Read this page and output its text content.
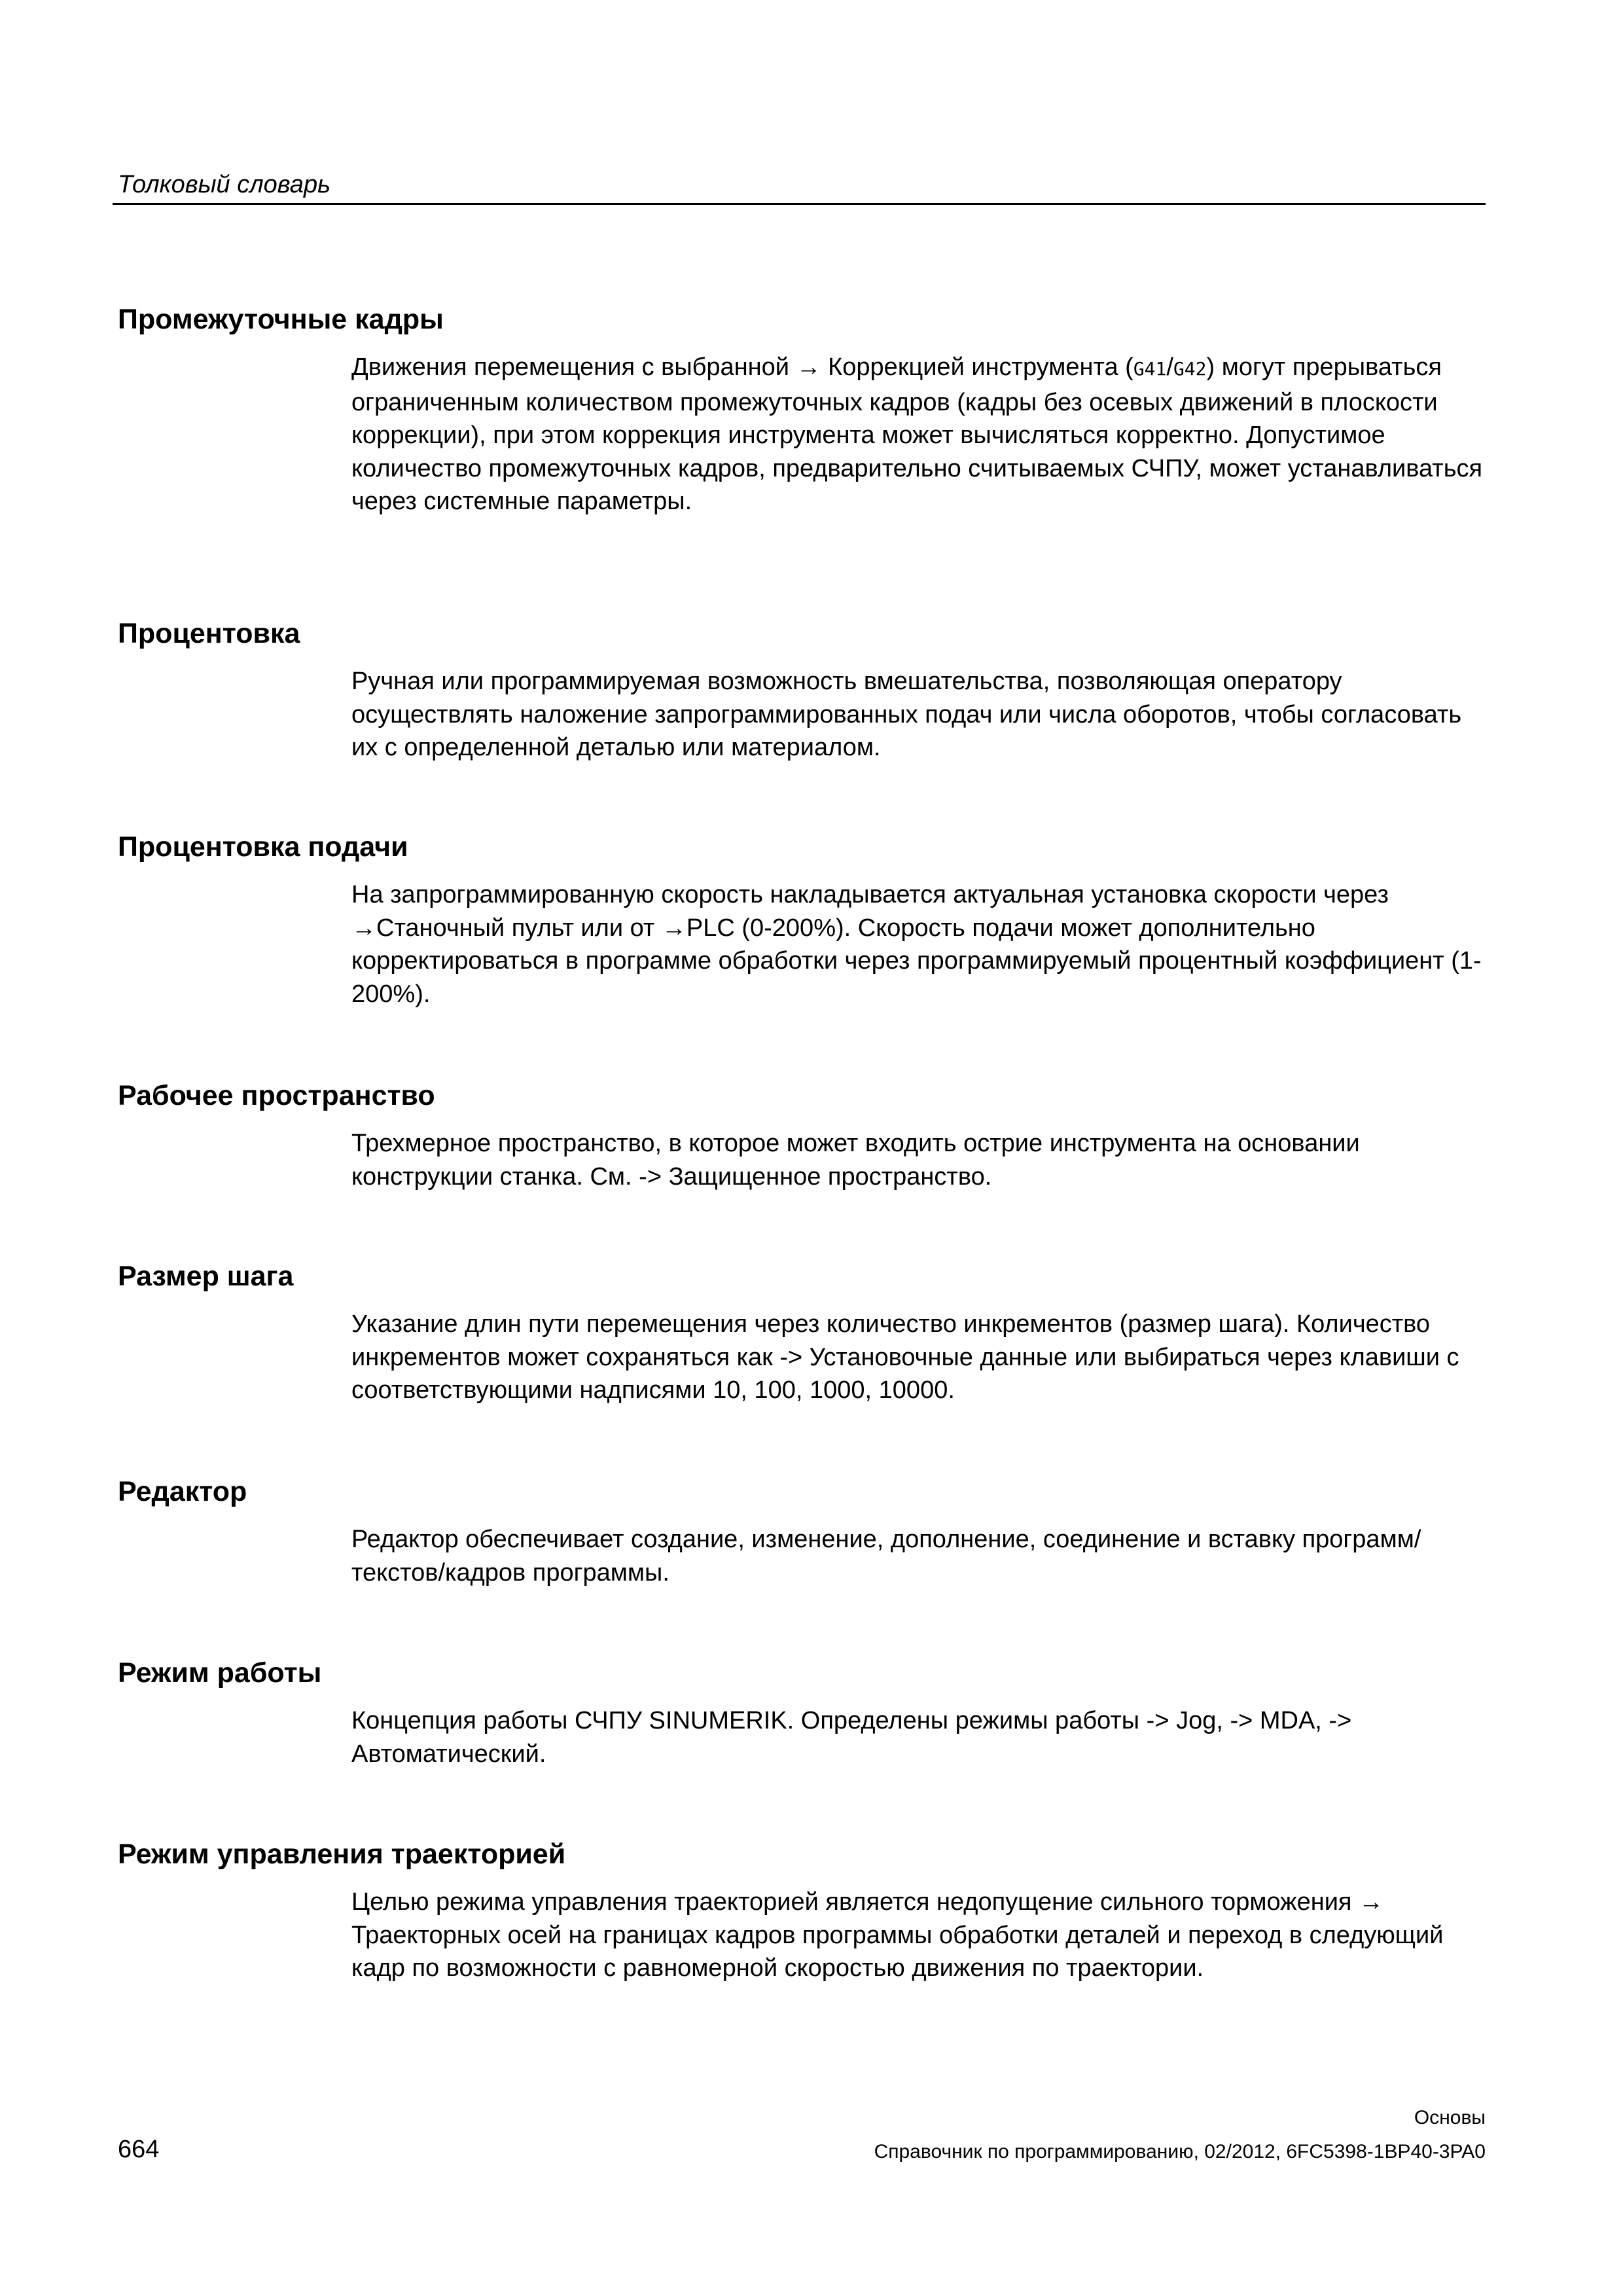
Толковый словарь
Промежуточные кадры

Движения перемещения с выбранной → Коррекцией инструмента (G41/G42) могут прерываться ограниченным количеством промежуточных кадров (кадры без осевых движений в плоскости коррекции), при этом коррекция инструмента может вычисляться корректно. Допустимое количество промежуточных кадров, предварительно считываемых СЧПУ, может устанавливаться через системные параметры.

Процентовка

Ручная или программируемая возможность вмешательства, позволяющая оператору осуществлять наложение запрограммированных подач или числа оборотов, чтобы согласовать их с определенной деталью или материалом.

Процентовка подачи

На запрограммированную скорость накладывается актуальная установка скорости через →Станочный пульт или от →PLC (0-200%). Скорость подачи может дополнительно корректироваться в программе обработки через программируемый процентный коэффициент (1-200%).

Рабочее пространство

Трехмерное пространство, в которое может входить острие инструмента на основании конструкции станка. См. -> Защищенное пространство.

Размер шага

Указание длин пути перемещения через количество инкрементов (размер шага). Количество инкрементов может сохраняться как -> Установочные данные или выбираться через клавиши с соответствующими надписями 10, 100, 1000, 10000.

Редактор

Редактор обеспечивает создание, изменение, дополнение, соединение и вставку программ/текстов/кадров программы.

Режим работы

Концепция работы СЧПУ SINUMERIK. Определены режимы работы -> Jog, -> MDA, -> Автоматический.

Режим управления траекторией

Целью режима управления траекторией является недопущение сильного торможения → Траекторных осей на границах кадров программы обработки деталей и переход в следующий кадр по возможности с равномерной скоростью движения по траектории.

Основы
664	Справочник по программированию, 02/2012, 6FC5398-1BP40-3PA0
